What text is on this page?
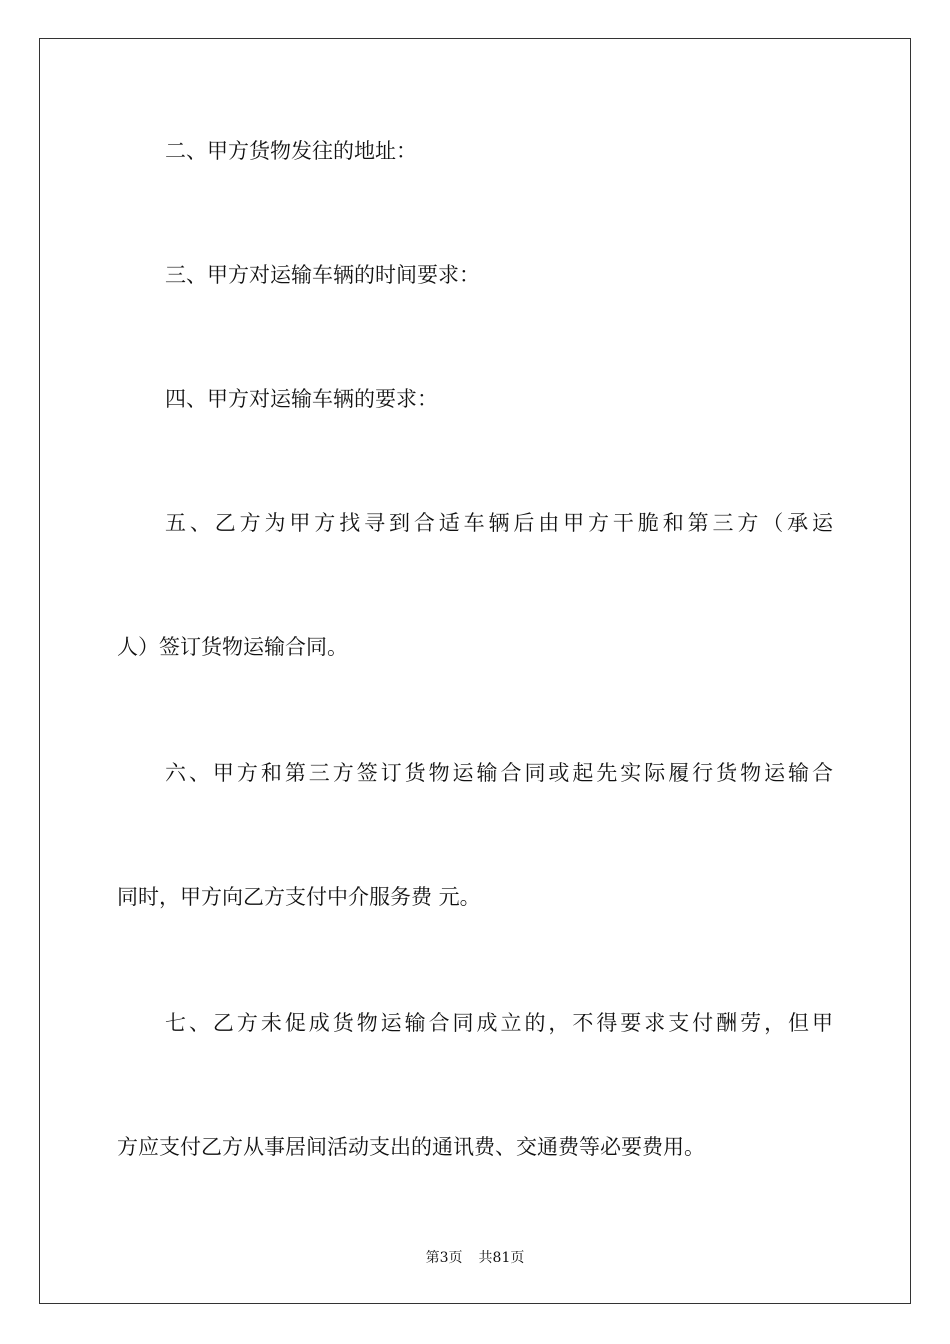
二、甲方货物发往的地址：
三、甲方对运输车辆的时间要求：
四、甲方对运输车辆的要求：
五、乙方为甲方找寻到合适车辆后由甲方干脆和第三方（承运
人）签订货物运输合同。
六、甲方和第三方签订货物运输合同或起先实际履行货物运输合
同时，甲方向乙方支付中介服务费 元。
七、乙方未促成货物运输合同成立的，不得要求支付酬劳，但甲
方应支付乙方从事居间活动支出的通讯费、交通费等必要费用。
第3页 共81页
